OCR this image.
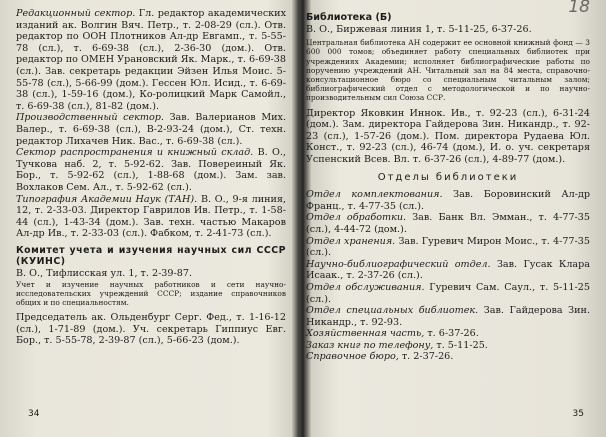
Редакционный сектор. Гл. редактор академических изданий ак. Волгин Вяч. Петр., т. 2-08-29 (сл.). Отв. редактор по ООН Плотников Ал-др Евгамп., т. 5-55-78 (сл.), т. 6-69-38 (сл.), 2-36-30 (дом.). Отв. редактор по ОМЕН Урановский Як. Марк., т. 6-69-38 (сл.). Зав. секретарь редакции Эйзен Илья Моис. 5-55-78 (сл.), 5-66-99 (дом.). Гессен Юл. Исид., т. 6-69-38 (сл.), 1-59-16 (дом.), Ко-ролицкий Марк Самойл., т. 6-69-38 (сл.), 81-82 (дом.).

Производственный сектор. Зав. Валерианов Мих. Валер., т. 6-69-38 (сл.), В-2-93-24 (дом.), Ст. техн. редактор Лихачев Ник. Вас., т. 6-69-38 (сл.).

Сектор распространения и книжный склад. В. О., Тучкова наб. 2, т. 5-92-62. Зав. Повереиный Як. Бор., т. 5-92-62 (сл.), 1-88-68 (дом.). Зам. зав. Вохлаков Сем. Ал., т. 5-92-62 (сл.).

Типография Академии Наук (ТАН). В. О., 9-я линия, 12, т. 2-33-03. Директор Гаврилов Ив. Петр., т. 1-58-44 (сл.), 1-43-34 (дом.). Зав. техн. частью Макаров Ал-др Ив., т. 2-33-03 (сл.). Фабком, т. 2-41-73 (сл.).

Комитет учета и изучения научных сил СССР (КУИНС)

В. О., Тифлисская ул. 1, т. 2-39-87.

Учет и изучение научных работников и сети научно-исследовательских учреждений СССР; издание справочников общих и по специальностям.

Председатель ак. Ольденбург Серг. Фед., т. 1-16-12 (сл.), 1-71-89 (дом.). Уч. секретарь Гиппиус Евг. Бор., т. 5-55-78, 2-39-87 (сл.), 5-66-23 (дом.).

34
18

Библиотека (Б)

В. О., Биржевая линия 1, т. 5-11-25, 6-37-26.

Центральная библиотека АН содержит ее основной книжный фонд — 3 600 000 томов; объединяет работу специальных библиотек при учреждениях Академии; исполняет библиографические работы по поручению учреждений АН. Читальный зал на 84 места, справочно-консультационное бюро со специальным читальным залом; библиографический отдел с методологической и по научно-производительным сил Союза ССР.

Директор Яковкин Иннок. Ив., т. 92-23 (сл.), 6-31-24 (дом.). Зам. директора Гайдерова Зин. Никандр., т. 92-23 (сл.), 1-57-26 (дом.). Пом. директора Рудаева Юл. Конст., т. 92-23 (сл.), 46-74 (дом.), И. о. уч. секретаря Успенский Всев. Вл. т. 6-37-26 (сл.), 4-89-77 (дом.).

Отделы библиотеки

Отдел комплектования. Зав. Боровинский Ал-др Франц., т. 4-77-35 (сл.).

Отдел обработки. Зав. Банк Вл. Эмман., т. 4-77-35 (сл.), 4-44-72 (дом.).

Отдел хранения. Зав. Гуревич Мирон Моис., т. 4-77-35 (сл.).

Научно-библиографический отдел. Зав. Гусак Клара Исаак., т. 2-37-26 (сл.).

Отдел обслуживания. Гуревич Сам. Саул., т. 5-11-25 (сл.).

Отдел специальных библиотек. Зав. Гайдерова Зин. Никандр., т. 92-93.

Хозяйственная часть, т. 6-37-26.

Заказ книг по телефону, т. 5-11-25.

Справочное бюро, т. 2-37-26.

35
